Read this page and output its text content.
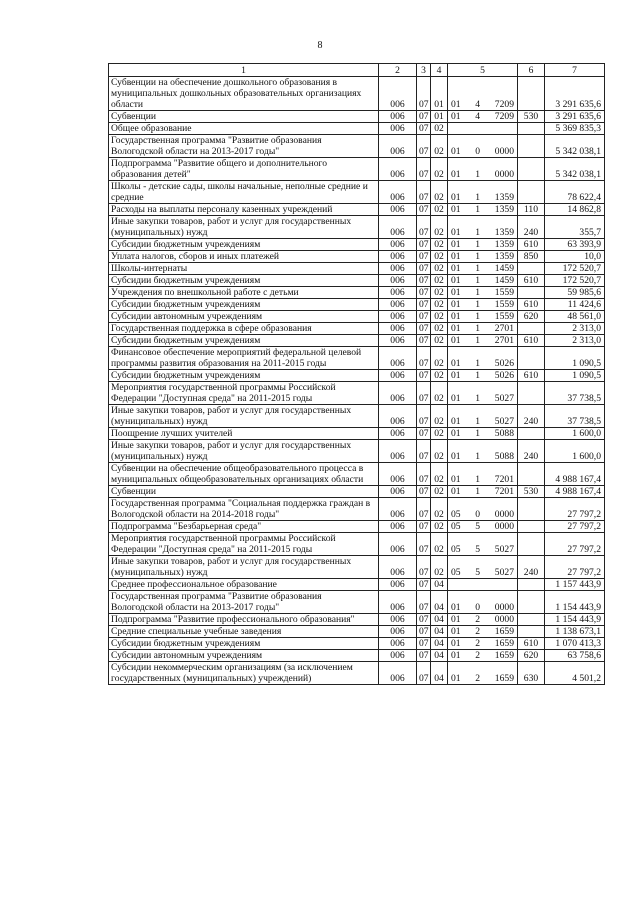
8
1	2	3	4	5	6	7
Субвенции на обеспечение дошкольного образования в муниципальных дошкольных образовательных организациях области	006	07	01	01 4 7209		3 291 635,6
Субвенции	006	07	01	01 4 7209	530	3 291 635,6
Общее образование	006	07	02			5 369 835,3
Государственная программа "Развитие образования Вологодской области на 2013-2017 годы"	006	07	02	01 0 0000		5 342 038,1
Подпрограмма "Развитие общего и дополнительного образования детей"	006	07	02	01 1 0000		5 342 038,1
Школы - детские сады, школы начальные, неполные средние и средние	006	07	02	01 1 1359		78 622,4
Расходы на выплаты персоналу казенных учреждений	006	07	02	01 1 1359	110	14 862,8
Иные закупки товаров, работ и услуг для государственных (муниципальных) нужд	006	07	02	01 1 1359	240	355,7
Субсидии бюджетным учреждениям	006	07	02	01 1 1359	610	63 393,9
Уплата налогов, сборов и иных платежей	006	07	02	01 1 1359	850	10,0
Школы-интернаты	006	07	02	01 1 1459		172 520,7
Субсидии бюджетным учреждениям	006	07	02	01 1 1459	610	172 520,7
Учреждения по внешкольной работе с детьми	006	07	02	01 1 1559		59 985,6
Субсидии бюджетным учреждениям	006	07	02	01 1 1559	610	11 424,6
Субсидии автономным учреждениям	006	07	02	01 1 1559	620	48 561,0
Государственная поддержка в сфере образования	006	07	02	01 1 2701		2 313,0
Субсидии бюджетным учреждениям	006	07	02	01 1 2701	610	2 313,0
Финансовое обеспечение мероприятий федеральной целевой программы развития образования на 2011-2015 годы	006	07	02	01 1 5026		1 090,5
Субсидии бюджетным учреждениям	006	07	02	01 1 5026	610	1 090,5
Мероприятия государственной программы Российской Федерации "Доступная среда" на 2011-2015 годы	006	07	02	01 1 5027		37 738,5
Иные закупки товаров, работ и услуг для государственных (муниципальных) нужд	006	07	02	01 1 5027	240	37 738,5
Поощрение лучших учителей	006	07	02	01 1 5088		1 600,0
Иные закупки товаров, работ и услуг для государственных (муниципальных) нужд	006	07	02	01 1 5088	240	1 600,0
Субвенции на обеспечение общеобразовательного процесса в муниципальных общеобразовательных организациях области	006	07	02	01 1 7201		4 988 167,4
Субвенции	006	07	02	01 1 7201	530	4 988 167,4
Государственная программа "Социальная поддержка граждан в Вологодской области на 2014-2018 годы"	006	07	02	05 0 0000		27 797,2
Подпрограмма "Безбарьерная среда"	006	07	02	05 5 0000		27 797,2
Мероприятия государственной программы Российской Федерации "Доступная среда" на 2011-2015 годы	006	07	02	05 5 5027		27 797,2
Иные закупки товаров, работ и услуг для государственных (муниципальных) нужд	006	07	02	05 5 5027	240	27 797,2
Среднее профессиональное образование	006	07	04			1 157 443,9
Государственная программа "Развитие образования Вологодской области на 2013-2017 годы"	006	07	04	01 0 0000		1 154 443,9
Подпрограмма "Развитие профессионального образования"	006	07	04	01 2 0000		1 154 443,9
Средние специальные учебные заведения	006	07	04	01 2 1659		1 138 673,1
Субсидии бюджетным учреждениям	006	07	04	01 2 1659	610	1 070 413,3
Субсидии автономным учреждениям	006	07	04	01 2 1659	620	63 758,6
Субсидии некоммерческим организациям (за исключением государственных (муниципальных) учреждений)	006	07	04	01 2 1659	630	4 501,2
